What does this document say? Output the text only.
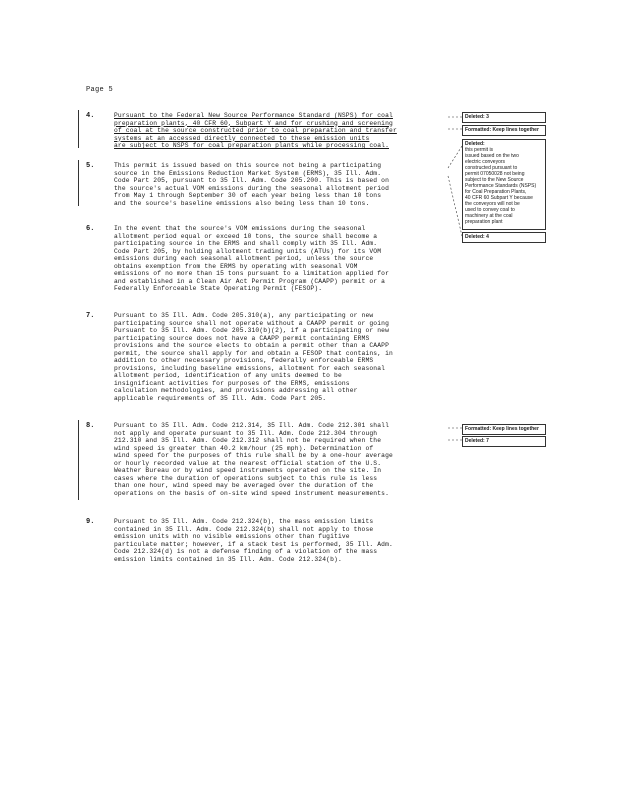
Page 5
4.	Pursuant to the Federal New Source Performance Standard (NSPS) for coal
preparation plants, 40 CFR 60, Subpart Y and for crushing and screening
of coal at the source constructed prior to coal preparation and transfer
systems at an accessed directly connected to these emission units
are subject to NSPS for coal preparation plants while processing coal.
5.	This permit is issued based on this source not being a participating
source in the Emissions Reduction Market System (ERMS), 35 Ill. Adm.
Code Part 205, pursuant to 35 Ill. Adm. Code 205.200. This is based on
the source's actual VOM emissions during the seasonal allotment period
from May 1 through September 30 of each year being less than 10 tons
and the source's baseline emissions also being less than 10 tons.
6.	In the event that the source's VOM emissions during the seasonal
allotment period equal or exceed 10 tons, the source shall become a
participating source in the ERMS and shall comply with 35 Ill. Adm.
Code Part 205, by holding allotment trading units (ATUs) for its VOM
emissions during each seasonal allotment period, unless the source
obtains exemption from the ERMS by operating with seasonal VOM
emissions of no more than 15 tons pursuant to a limitation applied for
and established in a Clean Air Act Permit Program (CAAPP) permit or a
Federally Enforceable State Operating Permit (FESOP).
7.	Pursuant to 35 Ill. Adm. Code 205.310(a), any participating or new
participating source shall not operate without a CAAPP permit or going
Pursuant to 35 Ill. Adm. Code 205.310(b)(2), if a participating or new
participating source does not have a CAAPP permit containing ERMS
provisions and the source elects to obtain a permit other than a CAAPP
permit, the source shall apply for and obtain a FESOP that contains, in
addition to other necessary provisions, federally enforceable ERMS
provisions, including baseline emissions, allotment for each seasonal
allotment period, identification of any units deemed to be
insignificant activities for purposes of the ERMS, emissions
calculation methodologies, and provisions addressing all other
applicable requirements of 35 Ill. Adm. Code Part 205.
8.	Pursuant to 35 Ill. Adm. Code 212.314, 35 Ill. Adm. Code 212.301 shall
not apply and operate pursuant to 35 Ill. Adm. Code 212.304 through
212.310 and 35 Ill. Adm. Code 212.312 shall not be required when the
wind speed is greater than 40.2 km/hour (25 mph). Determination of
wind speed for the purposes of this rule shall be by a one-hour average
or hourly recorded value at the nearest official station of the U.S.
Weather Bureau or by wind speed instruments operated on the site. In
cases where the duration of operations subject to this rule is less
than one hour, wind speed may be averaged over the duration of the
operations on the basis of on-site wind speed instrument measurements.
9.	Pursuant to 35 Ill. Adm. Code 212.324(b), the mass emission limits
contained in 35 Ill. Adm. Code 212.324(b) shall not apply to those
emission units with no visible emissions other than fugitive
particulate matter; however, if a stack test is performed, 35 Ill. Adm.
Code 212.324(d) is not a defense finding of a violation of the mass
emission limits contained in 35 Ill. Adm. Code 212.324(b).
Deleted: 3
Formatted: Keep lines together
Deleted:
this permit is
issued based on the two
electric conveyors
constructed pursuant to
permit 07050028 not being
subject to the New Source
Performance Standards (NSPS)
for Coal Preparation Plants,
40 CFR 60 Subpart Y because
the conveyors will not be
used to convey coal to
machinery at the coal
preparation plant
Deleted: 4
Formatted: Keep lines together
Deleted: 7
